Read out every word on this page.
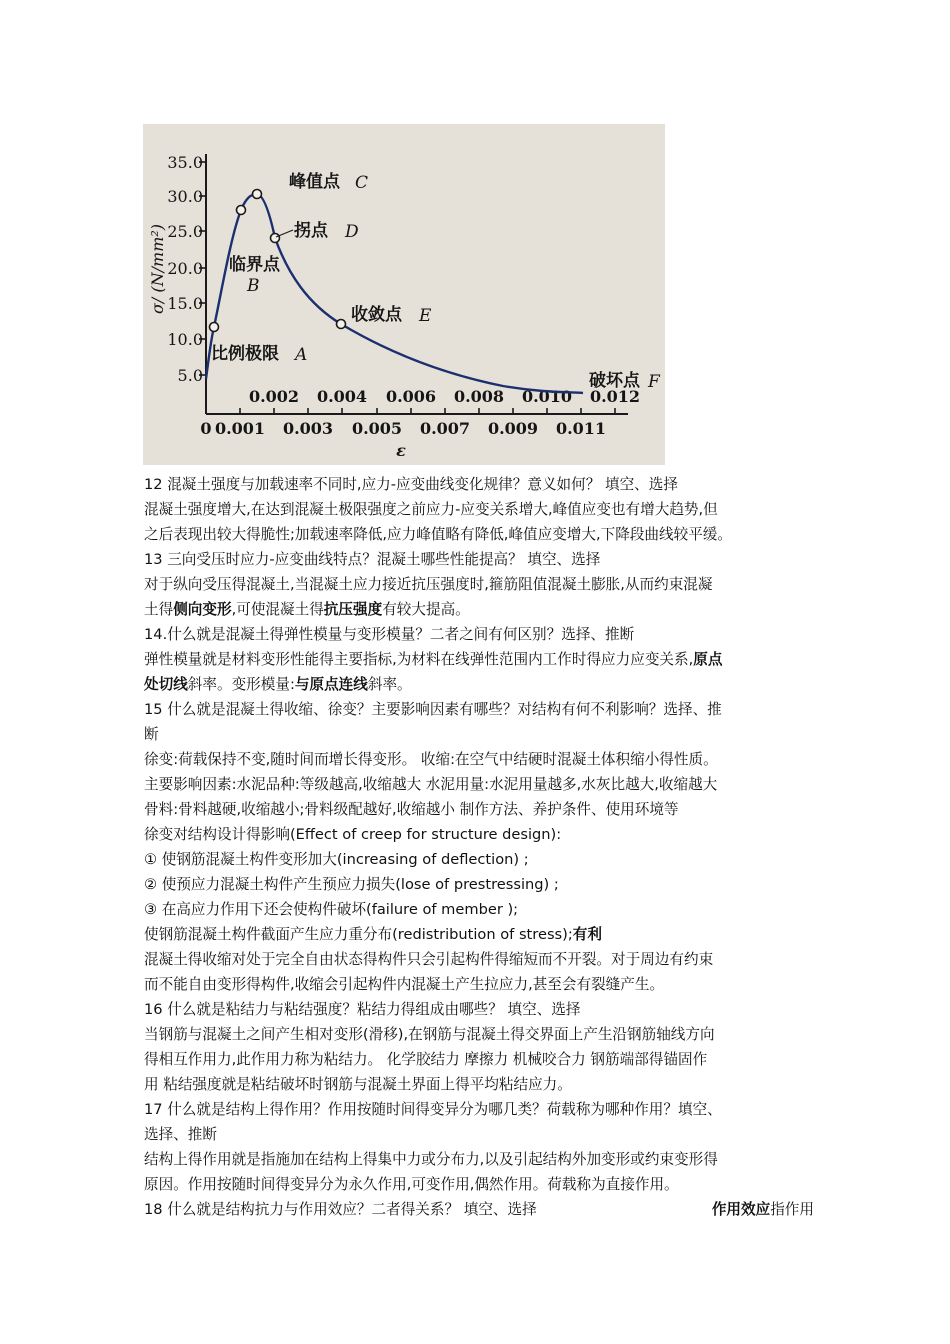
35.0
30.0
25.0
20.0
15.0
10.0
5.0
σ/ (N/mm²)
0.002 0.004 0.006 0.008 0.010 0.012
0 0.001 0.003 0.005 0.007 0.009 0.011
ε
峰值点 C
拐点 D
临界点
B
收敛点 E
比例极限 A
破坏点 F
12 混凝土强度与加载速率不同时,应力-应变曲线变化规律？意义如何？ 填空、选择
混凝土强度增大,在达到混凝土极限强度之前应力-应变关系增大,峰值应变也有增大趋势,但
之后表现出较大得脆性;加载速率降低,应力峰值略有降低,峰值应变增大,下降段曲线较平缓。
13 三向受压时应力-应变曲线特点？混凝土哪些性能提高？ 填空、选择
对于纵向受压得混凝土,当混凝土应力接近抗压强度时,箍筋阻值混凝土膨胀,从而约束混凝
土得侧向变形,可使混凝土得抗压强度有较大提高。
14.什么就是混凝土得弹性模量与变形模量？二者之间有何区别？选择、推断
弹性模量就是材料变形性能得主要指标,为材料在线弹性范围内工作时得应力应变关系,原点
处切线斜率。变形模量:与原点连线斜率。
15 什么就是混凝土得收缩、徐变？主要影响因素有哪些？对结构有何不利影响？选择、推
断
徐变:荷载保持不变,随时间而增长得变形。 收缩:在空气中结硬时混凝土体积缩小得性质。
主要影响因素:水泥品种:等级越高,收缩越大 水泥用量:水泥用量越多,水灰比越大,收缩越大
骨料:骨料越硬,收缩越小;骨料级配越好,收缩越小 制作方法、养护条件、使用环境等
徐变对结构设计得影响(Effect of creep for structure design):
① 使钢筋混凝土构件变形加大(increasing of deflection) ;
② 使预应力混凝土构件产生预应力损失(lose of prestressing) ;
③ 在高应力作用下还会使构件破坏(failure of member );
使钢筋混凝土构件截面产生应力重分布(redistribution of stress);有利
混凝土得收缩对处于完全自由状态得构件只会引起构件得缩短而不开裂。对于周边有约束
而不能自由变形得构件,收缩会引起构件内混凝土产生拉应力,甚至会有裂缝产生。
16 什么就是粘结力与粘结强度？粘结力得组成由哪些？ 填空、选择
当钢筋与混凝土之间产生相对变形(滑移),在钢筋与混凝土得交界面上产生沿钢筋轴线方向
得相互作用力,此作用力称为粘结力。 化学胶结力 摩擦力 机械咬合力 钢筋端部得锚固作
用 粘结强度就是粘结破坏时钢筋与混凝土界面上得平均粘结应力。
17 什么就是结构上得作用？作用按随时间得变异分为哪几类？荷载称为哪种作用？填空、
选择、推断
结构上得作用就是指施加在结构上得集中力或分布力,以及引起结构外加变形或约束变形得
原因。作用按随时间得变异分为永久作用,可变作用,偶然作用。荷载称为直接作用。
18 什么就是结构抗力与作用效应？二者得关系？ 填空、选择	作用效应指作用
